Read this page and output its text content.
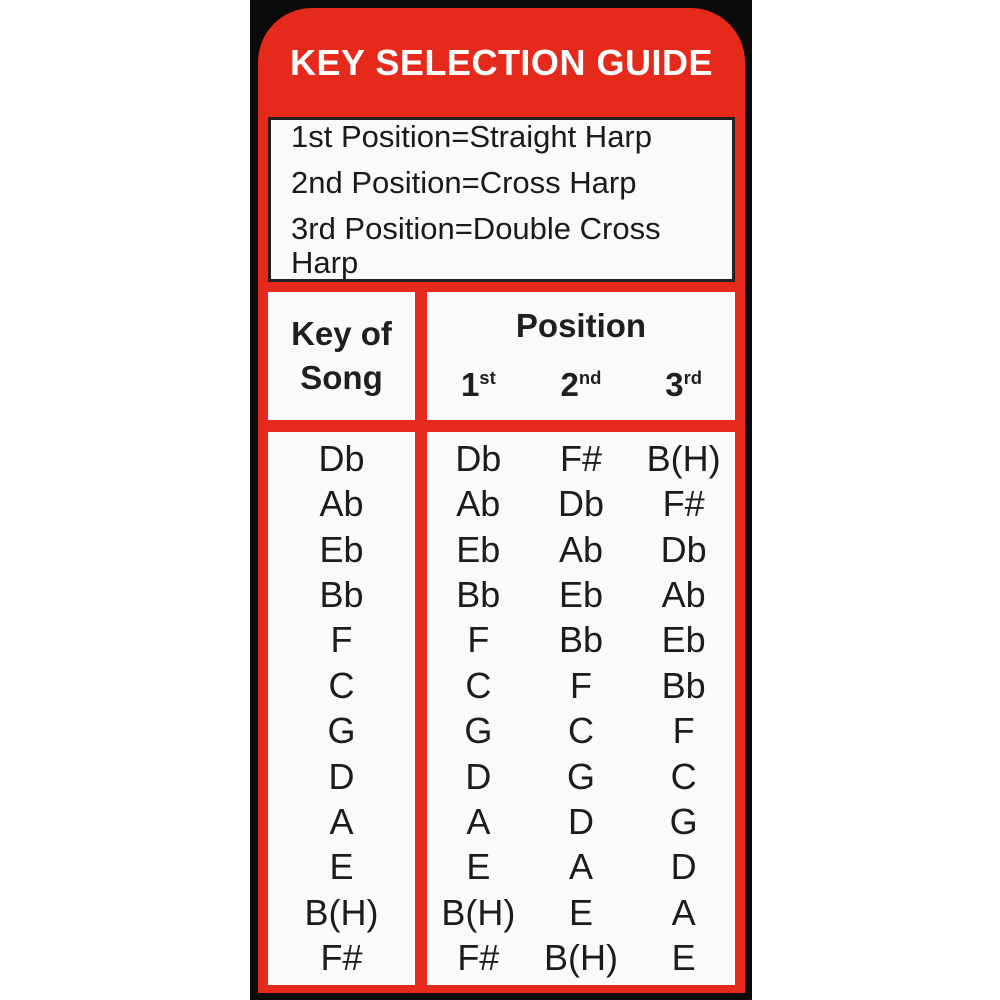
KEY SELECTION GUIDE
1st Position=Straight Harp
2nd Position=Cross Harp
3rd Position=Double Cross Harp
Key of
Song
Position
1st	2nd	3rd
Db
Ab
Eb
Bb
F
C
G
D
A
E
B(H)
F#
Db F# B(H)
Ab Db F#
Eb Ab Db
Bb Eb Ab
F Bb Eb
C F Bb
G C F
D G C
A D G
E A D
B(H) E A
F# B(H) E
